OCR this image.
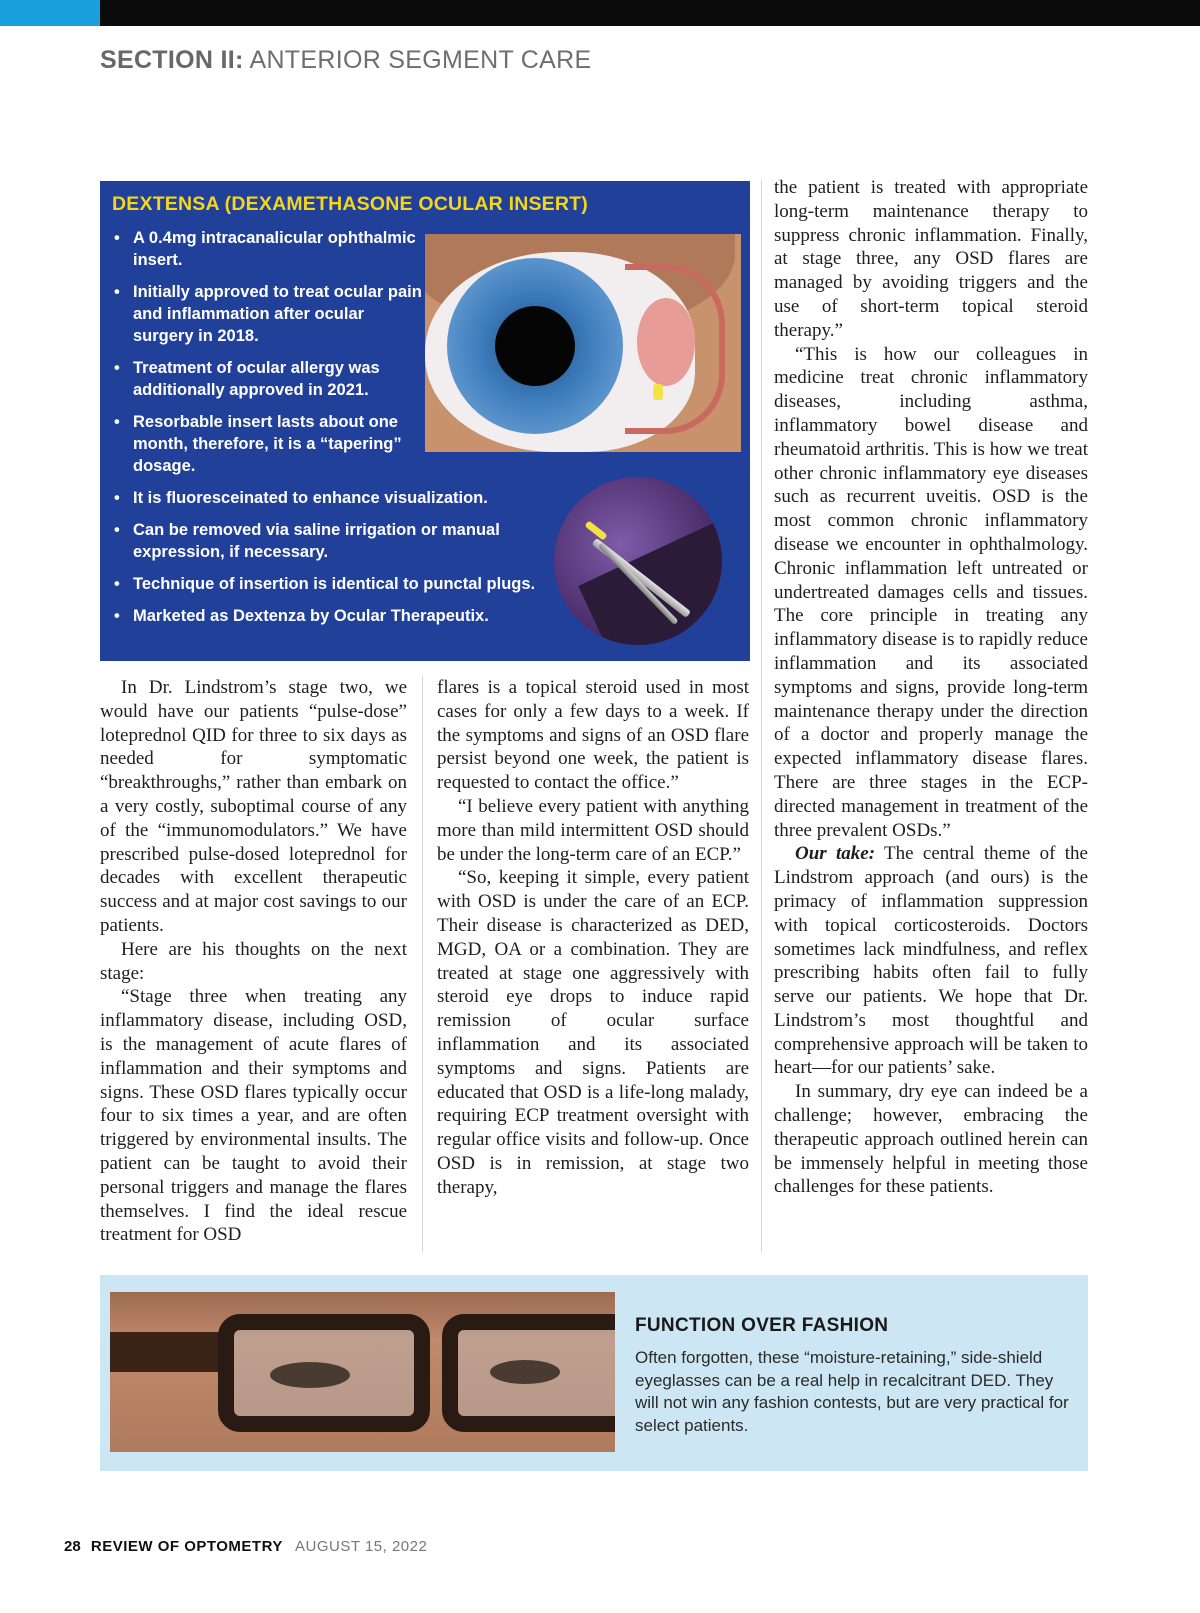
SECTION II: ANTERIOR SEGMENT CARE
DEXTENSA (DEXAMETHASONE OCULAR INSERT)
• A 0.4mg intracanalicular ophthalmic insert.
• Initially approved to treat ocular pain and inflammation after ocular surgery in 2018.
• Treatment of ocular allergy was additionally approved in 2021.
• Resorbable insert lasts about one month, therefore, it is a “tapering” dosage.
• It is fluoresceinated to enhance visualization.
• Can be removed via saline irrigation or manual expression, if necessary.
• Technique of insertion is identical to punctal plugs.
• Marketed as Dextenza by Ocular Therapeutix.

In Dr. Lindstrom’s stage two, we would have our patients “pulse-dose” loteprednol QID for three to six days as needed for symptomatic “breakthroughs,” rather than embark on a very costly, suboptimal course of any of the “immunomodulators.” We have prescribed pulse-dosed loteprednol for decades with excellent therapeutic success and at major cost savings to our patients.

Here are his thoughts on the next stage:

“Stage three when treating any inflammatory disease, including OSD, is the management of acute flares of inflammation and their symptoms and signs. These OSD flares typically occur four to six times a year, and are often triggered by environmental insults. The patient can be taught to avoid their personal triggers and manage the flares themselves. I find the ideal rescue treatment for OSD

flares is a topical steroid used in most cases for only a few days to a week. If the symptoms and signs of an OSD flare persist beyond one week, the patient is requested to contact the office.”

“I believe every patient with anything more than mild intermittent OSD should be under the long-term care of an ECP.”

“So, keeping it simple, every patient with OSD is under the care of an ECP. Their disease is characterized as DED, MGD, OA or a combination. They are treated at stage one aggressively with steroid eye drops to induce rapid remission of ocular surface inflammation and its associated symptoms and signs. Patients are educated that OSD is a life-long malady, requiring ECP treatment oversight with regular office visits and follow-up. Once OSD is in remission, at stage two therapy,

the patient is treated with appropriate long-term maintenance therapy to suppress chronic inflammation. Finally, at stage three, any OSD flares are managed by avoiding triggers and the use of short-term topical steroid therapy.”

“This is how our colleagues in medicine treat chronic inflammatory diseases, including asthma, inflammatory bowel disease and rheumatoid arthritis. This is how we treat other chronic inflammatory eye diseases such as recurrent uveitis. OSD is the most common chronic inflammatory disease we encounter in ophthalmology. Chronic inflammation left untreated or undertreated damages cells and tissues. The core principle in treating any inflammatory disease is to rapidly reduce inflammation and its associated symptoms and signs, provide long-term maintenance therapy under the direction of a doctor and properly manage the expected inflammatory disease flares. There are three stages in the ECP-directed management in treatment of the three prevalent OSDs.”

Our take: The central theme of the Lindstrom approach (and ours) is the primacy of inflammation suppression with topical corticosteroids. Doctors sometimes lack mindfulness, and reflex prescribing habits often fail to fully serve our patients. We hope that Dr. Lindstrom’s most thoughtful and comprehensive approach will be taken to heart—for our patients’ sake.

In summary, dry eye can indeed be a challenge; however, embracing the therapeutic approach outlined herein can be immensely helpful in meeting those challenges for these patients.

FUNCTION OVER FASHION
Often forgotten, these “moisture-retaining,” side-shield eyeglasses can be a real help in recalcitrant DED. They will not win any fashion contests, but are very practical for select patients.
28 REVIEW OF OPTOMETRY AUGUST 15, 2022
